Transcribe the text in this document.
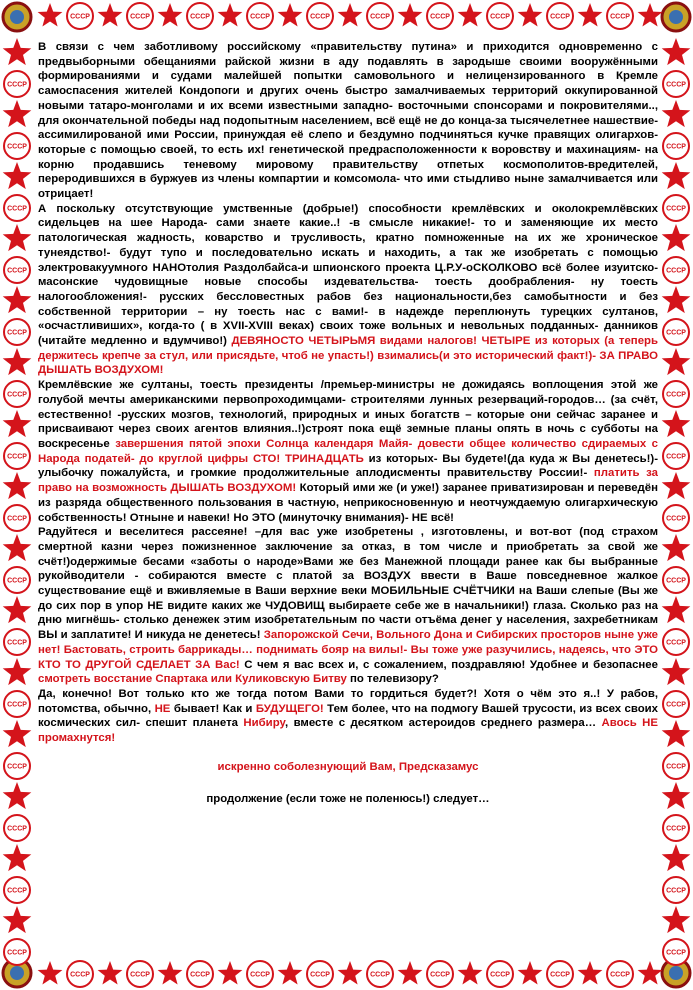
СССР
СССР
СССР
СССР
СССР
СССР
СССР
СССР
СССР
СССР
СССР
СССР
СССР
СССР
СССР
СССР
СССР
СССР
СССР
СССР
СССР	СССР
СССР	СССР
СССР	СССР
СССР	СССР
СССР	СССР
СССР	СССР
СССР	СССР
СССР	СССР
СССР	СССР
СССР	СССР
СССР	СССР
СССР	СССР
СССР	СССР
СССР	СССР
СССР	СССР

В связи с чем заботливому российскому «правительству путина» и приходится одновременно с предвыборными обещаниями райской жизни в аду подавлять в зародыше своими вооружёнными формированиями и судами малейшей попытки самовольного и нелицензированного в Кремле самоспасения жителей Кондопоги и других очень быстро замалчиваемых территорий оккупированной новыми татаро-монголами и их всеми известными западно- восточными спонсорами и покровителями.., для окончательной победы над подопытным населением, всё ещё не до конца-за тысячелетнее нашествие- ассимилированой ими России, принуждая её слепо и бездумно подчиняться кучке правящих олигархов- которые с помощью своей, то есть их! генетической предрасположенности к воровству и махинациям- на корню продавшись теневому мировому правительству отпетых космополитов-вредителей, переродившихся в буржуев из члены компартии и комсомола- что ими стыдливо ныне замалчивается или отрицает!

А поскольку отсутствующие умственные (добрые!) способности кремлёвских и околокремлёвских сидельцев на шее Народа- сами знаете какие..! -в смысле никакие!- то и заменяющие их место патологическая жадность, коварство и трусливость, кратно помноженные на их же хроническое тунеядство!- будут тупо и последовательно искать и находить, а так же изобретать с помощью электровакуумного НАНОтолия Раздолбайса-и шпионского проекта Ц.Р.У-оСКОЛКОВО всё более изуитско- масонские чудовищные новые способы издевательства- тоесть дообрабления- ну тоесть налогообложения!- русских бессловестных рабов без национальности,без самобытности и без собственной территории – ну тоесть нас с вами!- в надежде переплюнуть турецких султанов, «осчастливиших», когда-то ( в XVII-XVIII веках) своих тоже вольных и невольных подданных- данников (читайте медленно и вдумчиво!) ДЕВЯНОСТО ЧЕТЫРЬМЯ видами налогов! ЧЕТЫРЕ из которых (а теперь держитесь крепче за стул, или присядьте, чтоб не упасть!) взимались(и это исторический факт!)- ЗА ПРАВО ДЫШАТЬ ВОЗДУХОМ!

Кремлёвские же султаны, тоесть президенты /премьер-министры не дожидаясь воплощения этой же голубой мечты американскими первопроходимцами- строителями лунных резерваций-городов… (за счёт, естественно! -русских мозгов, технологий, природных и иных богатств – которые они сейчас заранее и присваивают через своих агентов влияния..!)строят пока ещё земные планы опять в ночь с субботы на воскресенье завершения пятой эпохи Солнца календаря Майя- довести общее количество сдираемых с Народа податей- до круглой цифры СТО! ТРИНАДЦАТЬ из которых- Вы будете!(да куда ж Вы денетесь!)- улыбочку пожалуйста, и громкие продолжительные аплодисменты правительству России!- платить за право на возможность ДЫШАТЬ ВОЗДУХОМ! Который ими же (и уже!) заранее приватизирован и переведён из разряда общественного пользования в частную, неприкосновенную и неотчуждаемую олигархическую собственность! Отныне и навеки! Но ЭТО (минуточку внимания)- НЕ всё!

Радуйтеся и веселитеся рассеяне! –для вас уже изобретены , изготовлены, и вот-вот (под страхом смертной казни через пожизненное заключение за отказ, в том числе и приобретать за свой же счёт!)одержимые бесами «заботы о народе»Вами же без Манежной площади ранее как бы выбранные рукойводители - собираются вместе с платой за ВОЗДУХ ввести в Ваше повседневное жалкое существование ещё и вживляемые в Ваши верхние веки МОБИЛЬНЫЕ СЧЁТЧИКИ на Ваши слепые (Вы же до сих пор в упор НЕ видите каких же ЧУДОВИЩ выбираете себе же в начальники!) глаза. Сколько раз на дню мигнёшь- столько денежек этим изобретательным по части отъёма денег у населения, захребетникам ВЫ и заплатите! И никуда не денетесь! Запорожской Сечи, Вольного Дона и Сибирских просторов ныне уже нет! Бастовать, строить баррикады… поднимать бояр на вилы!- Вы тоже уже разучились, надеясь, что ЭТО КТО ТО ДРУГОЙ СДЕЛАЕТ ЗА Вас! С чем я вас всех и, с сожалением, поздравляю! Удобнее и безопаснее смотреть восстание Спартака или Куликовскую Битву по телевизору?

Да, конечно! Вот только кто же тогда потом Вами то гордиться будет?! Хотя о чём это я..! У рабов, потомства, обычно, НЕ бывает! Как и БУДУЩЕГО! Тем более, что на подмогу Вашей трусости, из всех своих космических сил- спешит планета Нибиру, вместе с десятком астероидов среднего размера… Авось НЕ промахнутся!

искренно соболезнующий Вам, Предсказамус

продолжение (если тоже не поленюсь!) следует…
